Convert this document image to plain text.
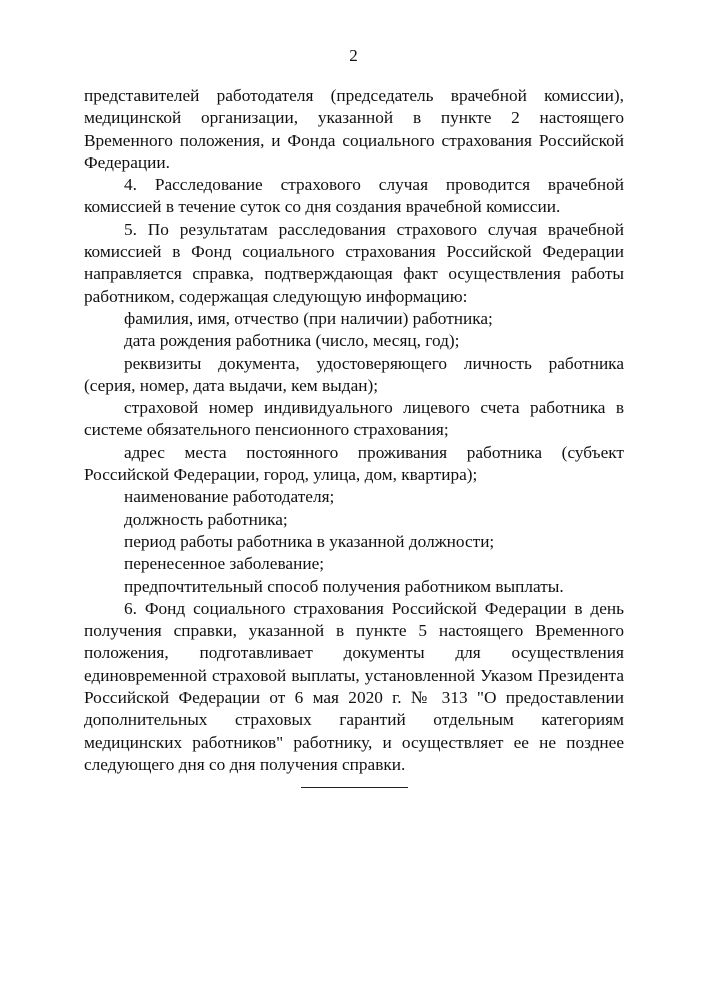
2

представителей работодателя (председатель врачебной комиссии), медицинской организации, указанной в пункте 2 настоящего Временного положения, и Фонда социального страхования Российской Федерации.

4. Расследование страхового случая проводится врачебной комиссией в течение суток со дня создания врачебной комиссии.

5. По результатам расследования страхового случая врачебной комиссией в Фонд социального страхования Российской Федерации направляется справка, подтверждающая факт осуществления работы работником, содержащая следующую информацию:

фамилия, имя, отчество (при наличии) работника;

дата рождения работника (число, месяц, год);

реквизиты документа, удостоверяющего личность работника (серия, номер, дата выдачи, кем выдан);

страховой номер индивидуального лицевого счета работника в системе обязательного пенсионного страхования;

адрес места постоянного проживания работника (субъект Российской Федерации, город, улица, дом, квартира);

наименование работодателя;

должность работника;

период работы работника в указанной должности;

перенесенное заболевание;

предпочтительный способ получения работником выплаты.

6. Фонд социального страхования Российской Федерации в день получения справки, указанной в пункте 5 настоящего Временного положения, подготавливает документы для осуществления единовременной страховой выплаты, установленной Указом Президента Российской Федерации от 6 мая 2020 г. № 313 "О предоставлении дополнительных страховых гарантий отдельным категориям медицинских работников" работнику, и осуществляет ее не позднее следующего дня со дня получения справки.
